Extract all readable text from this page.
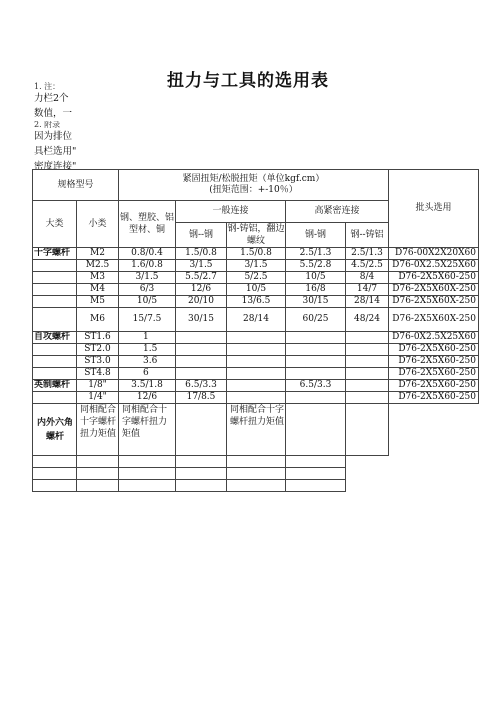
扭力与工具的选用表
1. 注：
力栏2个
数值，一
2. 附录
因为排位
具栏选用"
密度连接"
规格型号		紧固扭矩/松脱扭矩（单位kgf.cm）
(扭矩范围：+-10％）					批头选用
大类	小类	钢、塑胶、铝型材、铜	一般连接		高紧密连接		
			钢--钢	钢-铸铝，翻边螺纹	钢-钢	钢--铸铝	
十字螺杆	M2	0.8/0.4	1.5/0.8	1.5/0.8	2.5/1.3	2.5/1.3	D76-00X2X20X60
	M2.5	1.6/0.8	3/1.5	3/1.5	5.5/2.8	4.5/2.5	D76-0X2.5X25X60
	M3	3/1.5	5.5/2.7	5/2.5	10/5	8/4	D76-2X5X60-250
	M4	6/3	12/6	10/5	16/8	14/7	D76-2X5X60X-250
	M5	10/5	20/10	13/6.5	30/15	28/14	D76-2X5X60X-250
	M6	15/7.5	30/15	28/14	60/25	48/24	D76-2X5X60X-250
自攻螺杆	ST1.6	1					D76-0X2.5X25X60
	ST2.0	1.5					D76-2X5X60-250
	ST3.0	3.6					D76-2X5X60-250
	ST4.8	6					D76-2X5X60-250
英制螺杆	1/8"	3.5/1.8	6.5/3.3		6.5/3.3		D76-2X5X60-250
	1/4"	12/6	17/8.5				D76-2X5X60-250
内外六角螺杆	同相配合十字螺杆扭力矩值	同相配合十字螺杆扭力矩值		同相配合十字螺杆扭力矩值			
